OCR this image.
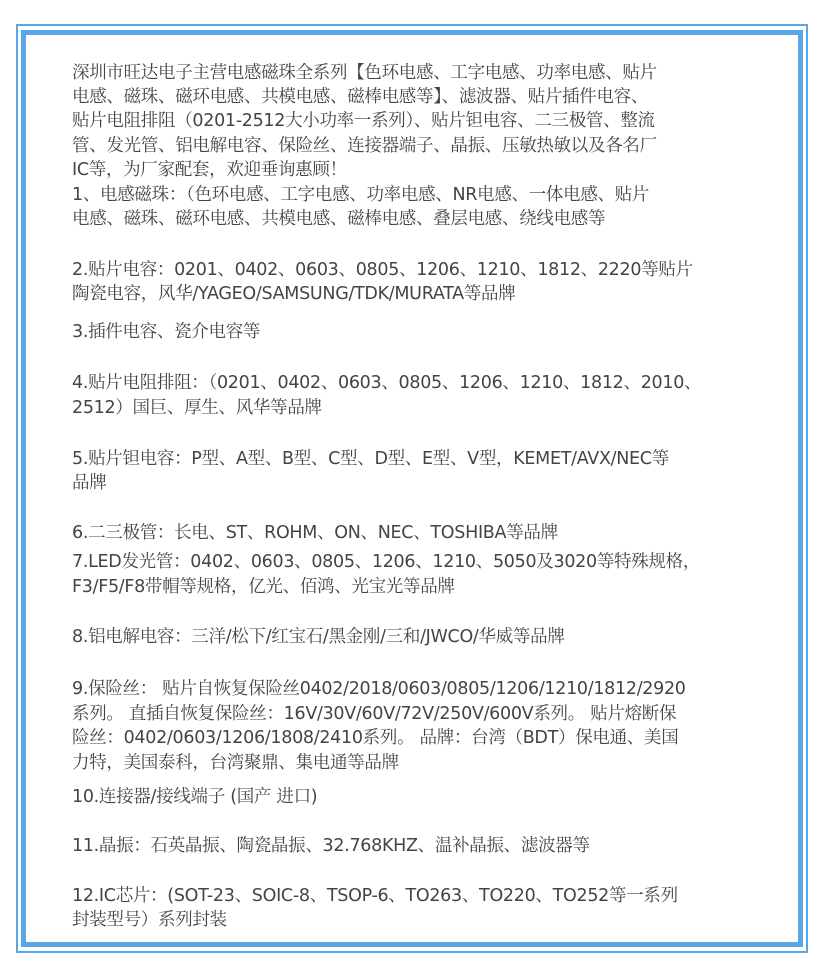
深圳市旺达电子主营电感磁珠全系列【色环电感、工字电感、功率电感、贴片
电感、磁珠、磁环电感、共模电感、磁棒电感等】、滤波器、贴片插件电容、
贴片电阻排阻（0201-2512大小功率一系列）、贴片钽电容、二三极管、整流
管、发光管、铝电解电容、保险丝、连接器端子、晶振、压敏热敏以及各名厂
IC等，为厂家配套，欢迎垂询惠顾！
1、电感磁珠：（色环电感、工字电感、功率电感、NR电感、一体电感、贴片
电感、磁珠、磁环电感、共模电感、磁棒电感、叠层电感、绕线电感等
2.贴片电容：0201、0402、0603、0805、1206、1210、1812、2220等贴片
陶瓷电容，风华/YAGEO/SAMSUNG/TDK/MURATA等品牌
3.插件电容、瓷介电容等
4.贴片电阻排阻：（0201、0402、0603、0805、1206、1210、1812、2010、
2512）国巨、厚生、风华等品牌
5.贴片钽电容：P型、A型、B型、C型、D型、E型、V型，KEMET/AVX/NEC等
品牌
6.二三极管：长电、ST、ROHM、ON、NEC、TOSHIBA等品牌
7.LED发光管：0402、0603、0805、1206、1210、5050及3020等特殊规格，
F3/F5/F8带帽等规格，亿光、佰鸿、光宝光等品牌
8.铝电解电容：三洋/松下/红宝石/黑金刚/三和/JWCO/华威等品牌
9.保险丝： 贴片自恢复保险丝0402/2018/0603/0805/1206/1210/1812/2920
系列。 直插自恢复保险丝：16V/30V/60V/72V/250V/600V系列。 贴片熔断保
险丝：0402/0603/1206/1808/2410系列。 品牌：台湾（BDT）保电通、美国
力特，美国泰科，台湾聚鼎、集电通等品牌
10.连接器/接线端子 (国产 进口)
11.晶振：石英晶振、陶瓷晶振、32.768KHZ、温补晶振、滤波器等
12.IC芯片：(SOT-23、SOIC-8、TSOP-6、TO263、TO220、TO252等一系列
封装型号）系列封装
